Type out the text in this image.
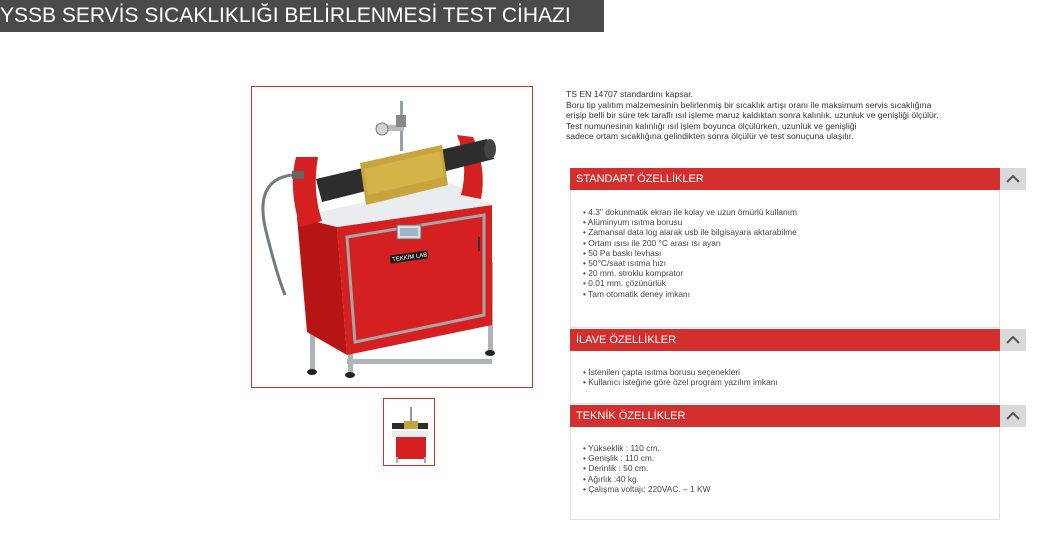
YSSB SERVİS SICAKLIKLIĞI BELİRLENMESİ TEST CİHAZI
TEKKİM LAB
TS EN 14707 standardını kapsar.
Boru tip yalıtım malzemesinin belirlenmiş bir sıcaklık artışı oranı ile maksimum servis sıcaklığına
erişip belli bir süre tek taraflı ısıl işleme maruz kaldıktan sonra kalınlık, uzunluk ve genişliği ölçülür.
Test numunesinin kalınlığı ısıl işlem boyunca ölçülürken, uzunluk ve genişliği
sadece ortam sıcaklığına gelindikten sonra ölçülür ve test sonuçuna ulaşılır.
STANDART ÖZELLİKLER
• 4.3" dokunmatik ekran ile kolay ve uzun ömürlü kullanım
• Alüminyum ısıtma borusu
• Zamansal data log alarak usb ile bilgisayara aktarabilme
• Ortam ısısı ile 200 °C arası ısı ayarı
• 50 Pa baskı levhası
• 50°C/saat ısıtma hızı
• 20 mm. stroklu komprator
• 0.01 mm. çözünürlük
• Tam otomatik deney imkanı
İLAVE ÖZELLİKLER
• İstenilen çapta ısıtma borusu seçenekleri
• Kullanıcı isteğine göre özel program yazılım imkanı
TEKNİK ÖZELLİKLER
• Yükseklik : 110 cm.
• Genişlik : 110 cm.
• Derinlik : 50 cm.
• Ağırlık :40 kg.
• Çalışma voltajı: 220VAC. – 1 KW
